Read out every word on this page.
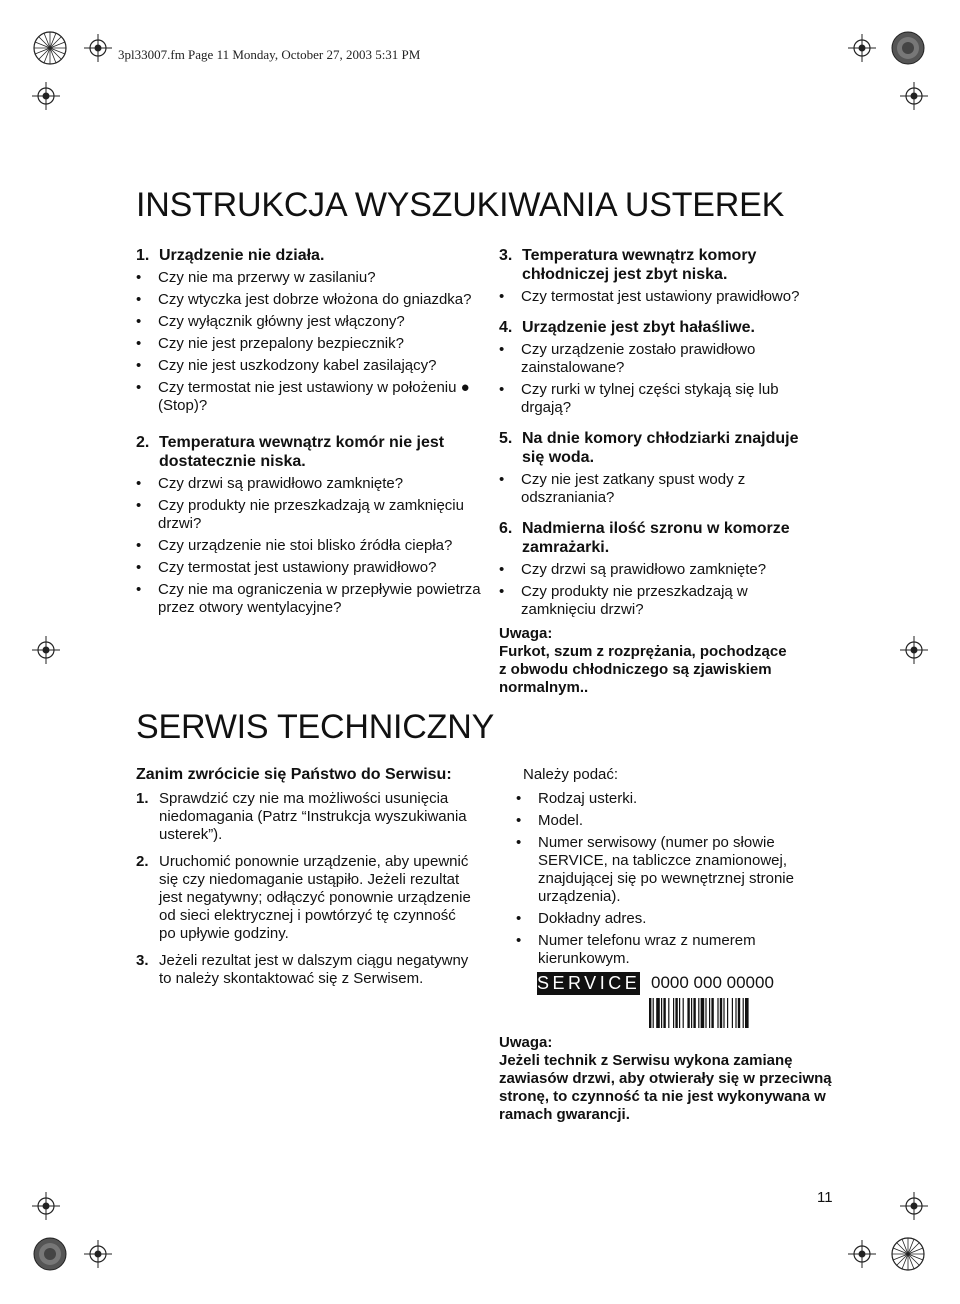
3pl33007.fm Page 11 Monday, October 27, 2003 5:31 PM
INSTRUKCJA WYSZUKIWANIA USTEREK
1. Urządzenie nie działa.
•	Czy nie ma przerwy w zasilaniu?
•	Czy wtyczka jest dobrze włożona do gniazdka?
•	Czy wyłącznik główny jest włączony?
•	Czy nie jest przepalony bezpiecznik?
•	Czy nie jest uszkodzony kabel zasilający?
•	Czy termostat nie jest ustawiony w położeniu ● (Stop)?
2. Temperatura wewnątrz komór nie jest dostatecznie niska.
•	Czy drzwi są prawidłowo zamknięte?
•	Czy produkty nie przeszkadzają w zamknięciu drzwi?
•	Czy urządzenie nie stoi blisko źródła ciepła?
•	Czy termostat jest ustawiony prawidłowo?
•	Czy nie ma ograniczenia w przepływie powietrza przez otwory wentylacyjne?
3. Temperatura wewnątrz komory chłodniczej jest zbyt niska.
•	Czy termostat jest ustawiony prawidłowo?
4. Urządzenie jest zbyt hałaśliwe.
•	Czy urządzenie zostało prawidłowo zainstalowane?
•	Czy rurki w tylnej części stykają się lub drgają?
5. Na dnie komory chłodziarki znajduje się woda.
•	Czy nie jest zatkany spust wody z odszraniania?
6. Nadmierna ilość szronu w komorze zamrażarki.
•	Czy drzwi są prawidłowo zamknięte?
•	Czy produkty nie przeszkadzają w zamknięciu drzwi?
Uwaga:
Furkot, szum z rozprężania, pochodzące z obwodu chłodniczego są zjawiskiem normalnym..
SERWIS TECHNICZNY
Zanim zwrócicie się Państwo do Serwisu:
1. Sprawdzić czy nie ma możliwości usunięcia niedomagania (Patrz “Instrukcja wyszukiwania usterek”).
2. Uruchomić ponownie urządzenie, aby upewnić się czy niedomaganie ustąpiło. Jeżeli rezultat jest negatywny; odłączyć ponownie urządzenie od sieci elektrycznej i powtórzyć tę czynność po upływie godziny.
3. Jeżeli rezultat jest w dalszym ciągu negatywny to należy skontaktować się z Serwisem.
Należy podać:
•	Rodzaj usterki.
•	Model.
•	Numer serwisowy (numer po słowie SERVICE, na tabliczce znamionowej, znajdującej się po wewnętrznej stronie urządzenia).
•	Dokładny adres.
•	Numer telefonu wraz z numerem kierunkowym.
SERVICE 0000 000 00000
Uwaga:
Jeżeli technik z Serwisu wykona zamianę zawiasów drzwi, aby otwierały się w przeciwną stronę, to czynność ta nie jest wykonywana w ramach gwarancji.
11
